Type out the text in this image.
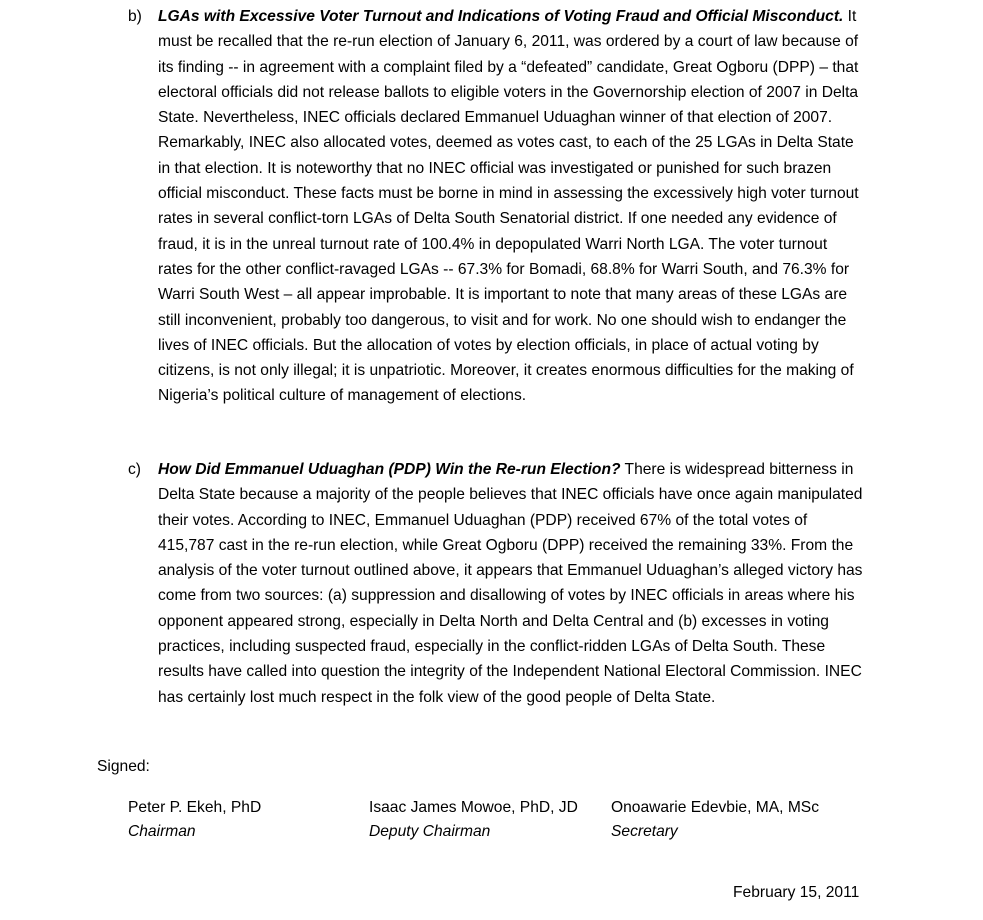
b) LGAs with Excessive Voter Turnout and Indications of Voting Fraud and Official Misconduct. It must be recalled that the re-run election of January 6, 2011, was ordered by a court of law because of its finding -- in agreement with a complaint filed by a “defeated” candidate, Great Ogboru (DPP) – that electoral officials did not release ballots to eligible voters in the Governorship election of 2007 in Delta State. Nevertheless, INEC officials declared Emmanuel Uduaghan winner of that election of 2007. Remarkably, INEC also allocated votes, deemed as votes cast, to each of the 25 LGAs in Delta State in that election. It is noteworthy that no INEC official was investigated or punished for such brazen official misconduct. These facts must be borne in mind in assessing the excessively high voter turnout rates in several conflict-torn LGAs of Delta South Senatorial district. If one needed any evidence of fraud, it is in the unreal turnout rate of 100.4% in depopulated Warri North LGA. The voter turnout rates for the other conflict-ravaged LGAs -- 67.3% for Bomadi, 68.8% for Warri South, and 76.3% for Warri South West – all appear improbable. It is important to note that many areas of these LGAs are still inconvenient, probably too dangerous, to visit and for work. No one should wish to endanger the lives of INEC officials. But the allocation of votes by election officials, in place of actual voting by citizens, is not only illegal; it is unpatriotic. Moreover, it creates enormous difficulties for the making of Nigeria’s political culture of management of elections.
c) How Did Emmanuel Uduaghan (PDP) Win the Re-run Election? There is widespread bitterness in Delta State because a majority of the people believes that INEC officials have once again manipulated their votes. According to INEC, Emmanuel Uduaghan (PDP) received 67% of the total votes of 415,787 cast in the re-run election, while Great Ogboru (DPP) received the remaining 33%. From the analysis of the voter turnout outlined above, it appears that Emmanuel Uduaghan’s alleged victory has come from two sources: (a) suppression and disallowing of votes by INEC officials in areas where his opponent appeared strong, especially in Delta North and Delta Central and (b) excesses in voting practices, including suspected fraud, especially in the conflict-ridden LGAs of Delta South. These results have called into question the integrity of the Independent National Electoral Commission. INEC has certainly lost much respect in the folk view of the good people of Delta State.
Signed:
Peter P. Ekeh, PhD
Chairman
Isaac James Mowoe, PhD, JD
Deputy Chairman
Onoawarie Edevbie, MA, MSc
Secretary
February 15, 2011
